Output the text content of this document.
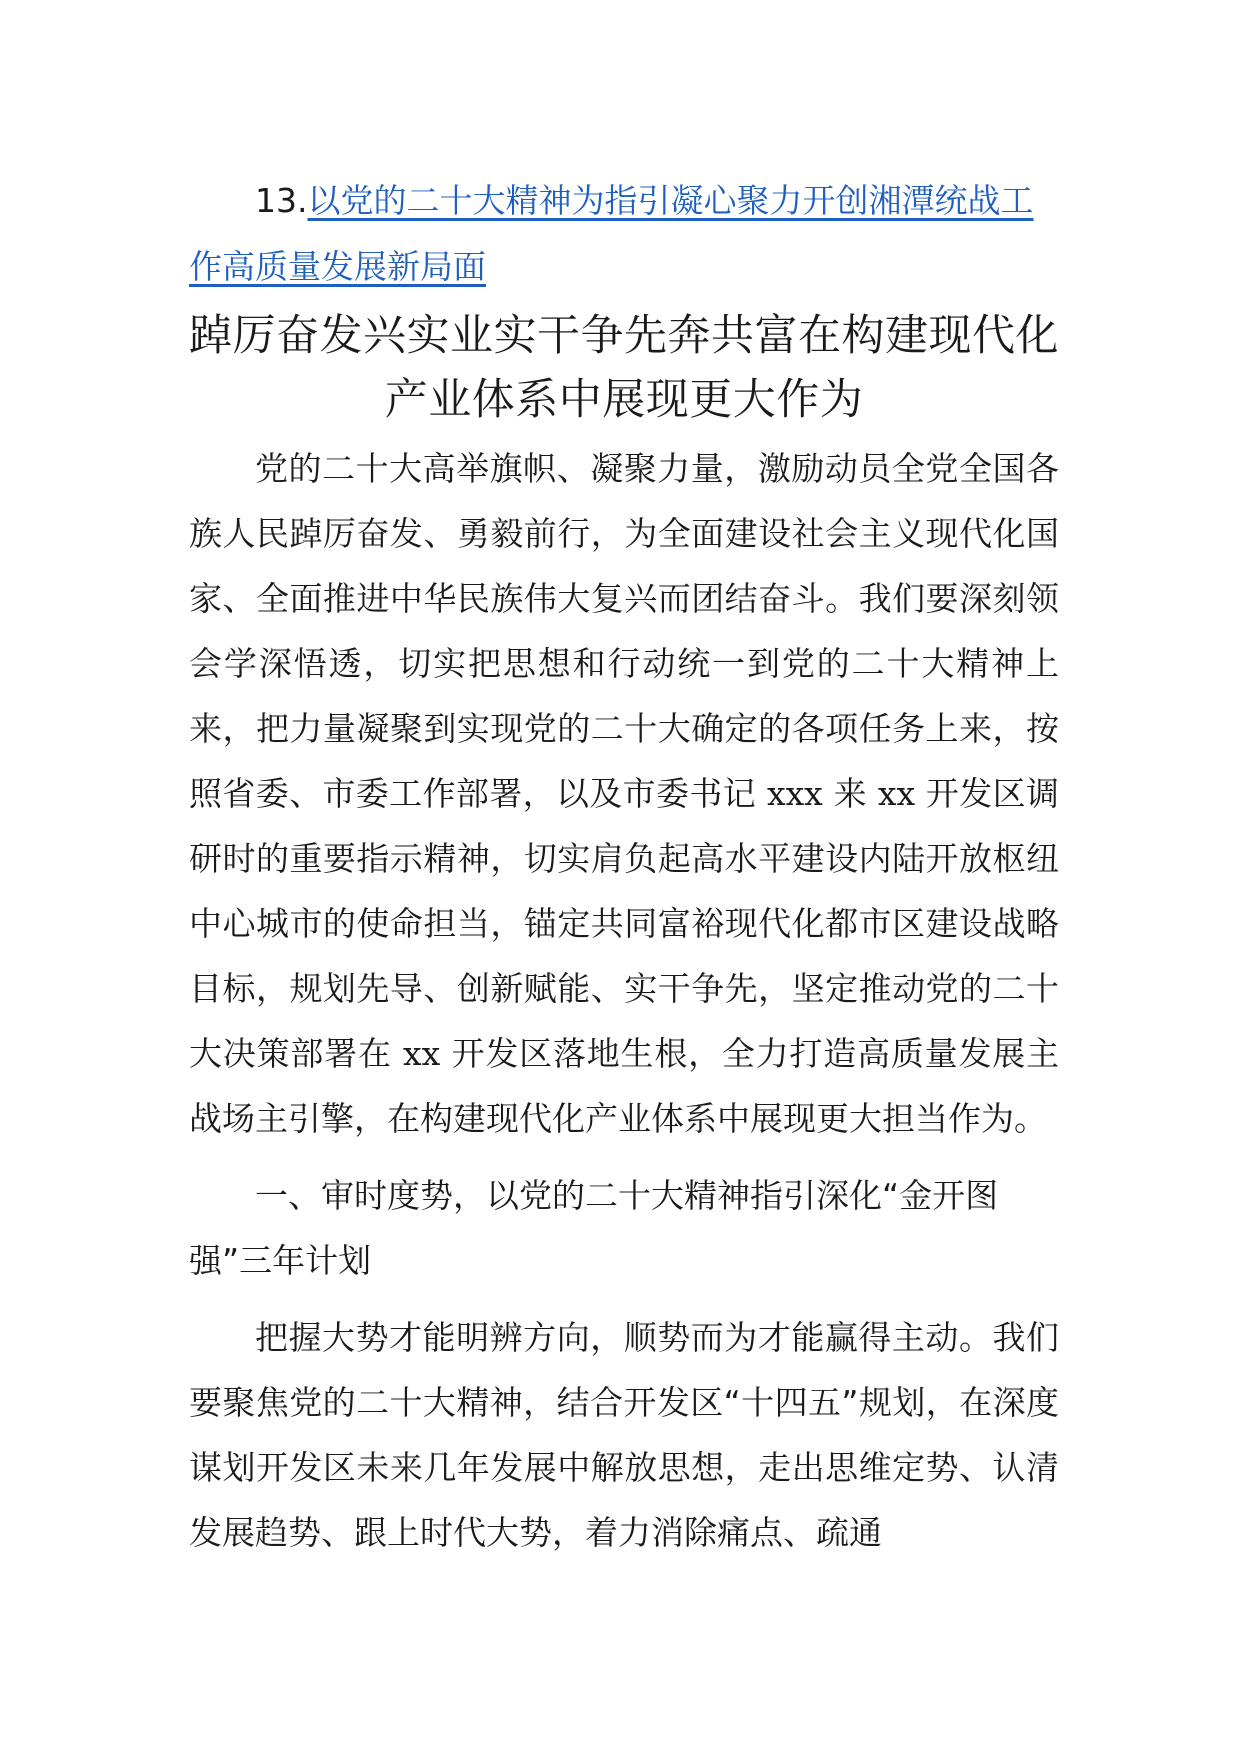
13.以党的二十大精神为指引凝心聚力开创湘潭统战工作高质量发展新局面

踔厉奋发兴实业实干争先奔共富在构建现代化产业体系中展现更大作为

党的二十大高举旗帜、凝聚力量，激励动员全党全国各族人民踔厉奋发、勇毅前行，为全面建设社会主义现代化国家、全面推进中华民族伟大复兴而团结奋斗。我们要深刻领会学深悟透，切实把思想和行动统一到党的二十大精神上来，把力量凝聚到实现党的二十大确定的各项任务上来，按照省委、市委工作部署，以及市委书记 xxx 来 xx 开发区调研时的重要指示精神，切实肩负起高水平建设内陆开放枢纽中心城市的使命担当，锚定共同富裕现代化都市区建设战略目标，规划先导、创新赋能、实干争先，坚定推动党的二十大决策部署在 xx 开发区落地生根，全力打造高质量发展主战场主引擎，在构建现代化产业体系中展现更大担当作为。

一、审时度势，以党的二十大精神指引深化“金开图强”三年计划

把握大势才能明辨方向，顺势而为才能赢得主动。我们要聚焦党的二十大精神，结合开发区“十四五”规划，在深度谋划开发区未来几年发展中解放思想，走出思维定势、认清发展趋势、跟上时代大势，着力消除痛点、疏通
